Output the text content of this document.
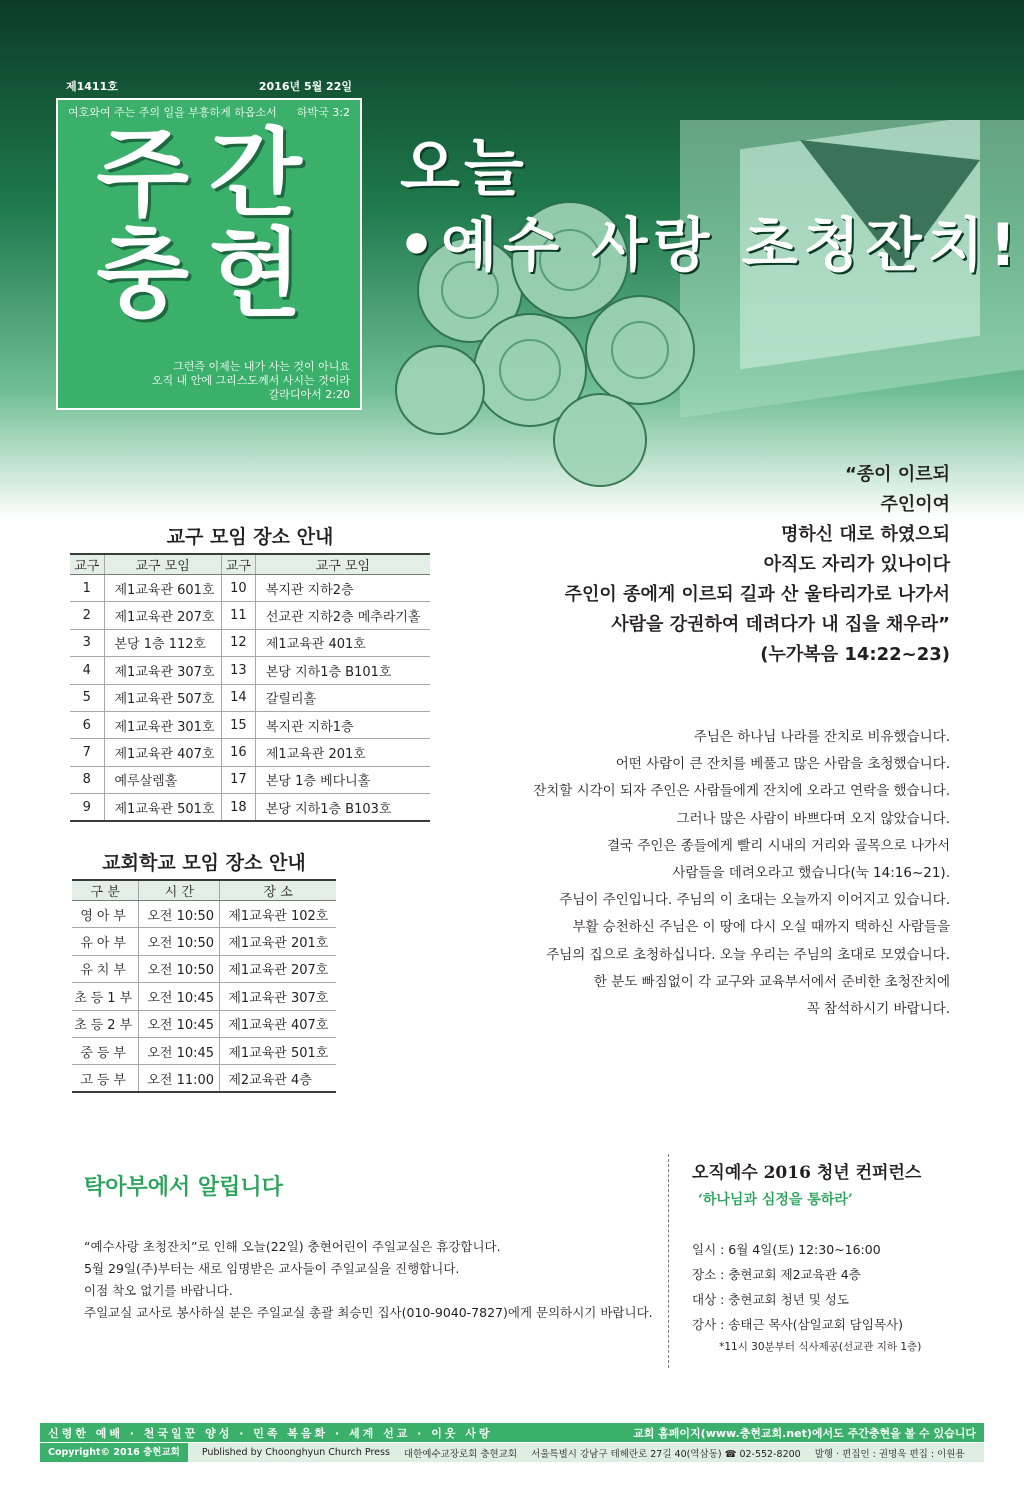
오늘
•예수 사랑 초청잔치!
제1411호	2016년 5월 22일
여호와여 주는 주의 일을 부흥하게 하옵소서 하박국 3:2
주간
충현
그런즉 이제는 내가 사는 것이 아니요
오직 내 안에 그리스도께서 사시는 것이라
갈라디아서 2:20
“종이 이르되
주인이여
명하신 대로 하였으되
아직도 자리가 있나이다
주인이 종에게 이르되 길과 산 울타리가로 나가서
사람을 강권하여 데려다가 내 집을 채우라”
(누가복음 14:22~23)
교구 모임 장소 안내
교구	교구 모임	교구	교구 모임
1	제1교육관 601호	10	복지관 지하2층
2	제1교육관 207호	11	선교관 지하2층 메추라기홀
3	본당 1층 112호	12	제1교육관 401호
4	제1교육관 307호	13	본당 지하1층 B101호
5	제1교육관 507호	14	갈릴리홀
6	제1교육관 301호	15	복지관 지하1층
7	제1교육관 407호	16	제1교육관 201호
8	예루살렘홀	17	본당 1층 베다니홀
9	제1교육관 501호	18	본당 지하1층 B103호
교회학교 모임 장소 안내
구 분	시 간	장 소
영아부	오전 10:50	제1교육관 102호
유아부	오전 10:50	제1교육관 201호
유치부	오전 10:50	제1교육관 207호
초등1부	오전 10:45	제1교육관 307호
초등2부	오전 10:45	제1교육관 407호
중등부	오전 10:45	제1교육관 501호
고등부	오전 11:00	제2교육관 4층
주님은 하나님 나라를 잔치로 비유했습니다.
어떤 사람이 큰 잔치를 베풀고 많은 사람을 초청했습니다.
잔치할 시각이 되자 주인은 사람들에게 잔치에 오라고 연락을 했습니다.
그러나 많은 사람이 바쁘다며 오지 않았습니다.
결국 주인은 종들에게 빨리 시내의 거리와 골목으로 나가서
사람들을 데려오라고 했습니다(눅 14:16~21).
주님이 주인입니다. 주님의 이 초대는 오늘까지 이어지고 있습니다.
부활 승천하신 주님은 이 땅에 다시 오실 때까지 택하신 사람들을
주님의 집으로 초청하십니다. 오늘 우리는 주님의 초대로 모였습니다.
한 분도 빠짐없이 각 교구와 교육부서에서 준비한 초청잔치에
꼭 참석하시기 바랍니다.
탁아부에서 알립니다
“예수사랑 초청잔치”로 인해 오늘(22일) 충현어린이 주일교실은 휴강합니다.
5월 29일(주)부터는 새로 임명받은 교사들이 주일교실을 진행합니다.
이점 착오 없기를 바랍니다.
주일교실 교사로 봉사하실 분은 주일교실 총괄 최승민 집사(010-9040-7827)에게 문의하시기 바랍니다.
오직예수 2016 청년 컨퍼런스
‘하나님과 심정을 통하라’
일시 : 6월 4일(토) 12:30~16:00
장소 : 충현교회 제2교육관 4층
대상 : 충현교회 청년 및 성도
강사 : 송태근 목사(삼일교회 담임목사)
*11시 30분부터 식사제공(선교관 지하 1층)
신령한 예배 · 천국일꾼 양성 · 민족 복음화 · 세계 선교 · 이웃 사랑	교회 홈페이지(www.충현교회.net)에서도 주간충현을 볼 수 있습니다
Copyright© 2016 충현교회	Published by Choonghyun Church Press 대한예수교장로회 충현교회 서울특별시 강남구 테헤란로 27길 40(역삼동) ☎ 02-552-8200 발행 · 편집인 : 권명욱 편집 : 이원용
